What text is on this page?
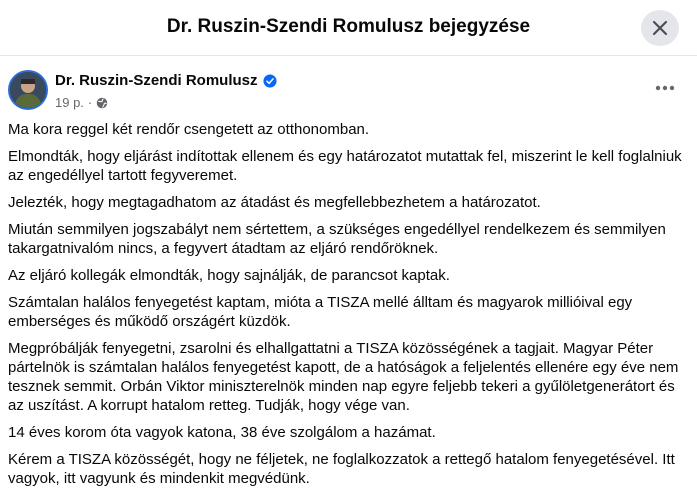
Dr. Ruszin-Szendi Romulusz bejegyzése
Dr. Ruszin-Szendi Romulusz
19 p. ·

Ma kora reggel két rendőr csengetett az otthonomban.

Elmondták, hogy eljárást indítottak ellenem és egy határozatot mutattak fel, miszerint le kell foglalniuk az engedéllyel tartott fegyveremet.

Jelezték, hogy megtagadhatom az átadást és megfellebbezhetem a határozatot.

Miután semmilyen jogszabályt nem sértettem, a szükséges engedéllyel rendelkezem és semmilyen takargatnivalóm nincs, a fegyvert átadtam az eljáró rendőröknek.

Az eljáró kollegák elmondták, hogy sajnálják, de parancsot kaptak.

Számtalan halálos fenyegetést kaptam, mióta a TISZA mellé álltam és magyarok millióival egy emberséges és működő országért küzdök.

Megpróbálják fenyegetni, zsarolni és elhallgattatni a TISZA közösségének a tagjait. Magyar Péter pártelnök is számtalan halálos fenyegetést kapott, de a hatóságok a feljelentés ellenére egy éve nem tesznek semmit. Orbán Viktor miniszterelnök minden nap egyre feljebb tekeri a gyűlöletgenerátort és az uszítást. A korrupt hatalom retteg. Tudják, hogy vége van.

14 éves korom óta vagyok katona, 38 éve szolgálom a hazámat.

Kérem a TISZA közösségét, hogy ne féljetek, ne foglalkozzatok a rettegő hatalom fenyegetésével. Itt vagyok, itt vagyunk és mindenkit megvédünk.
